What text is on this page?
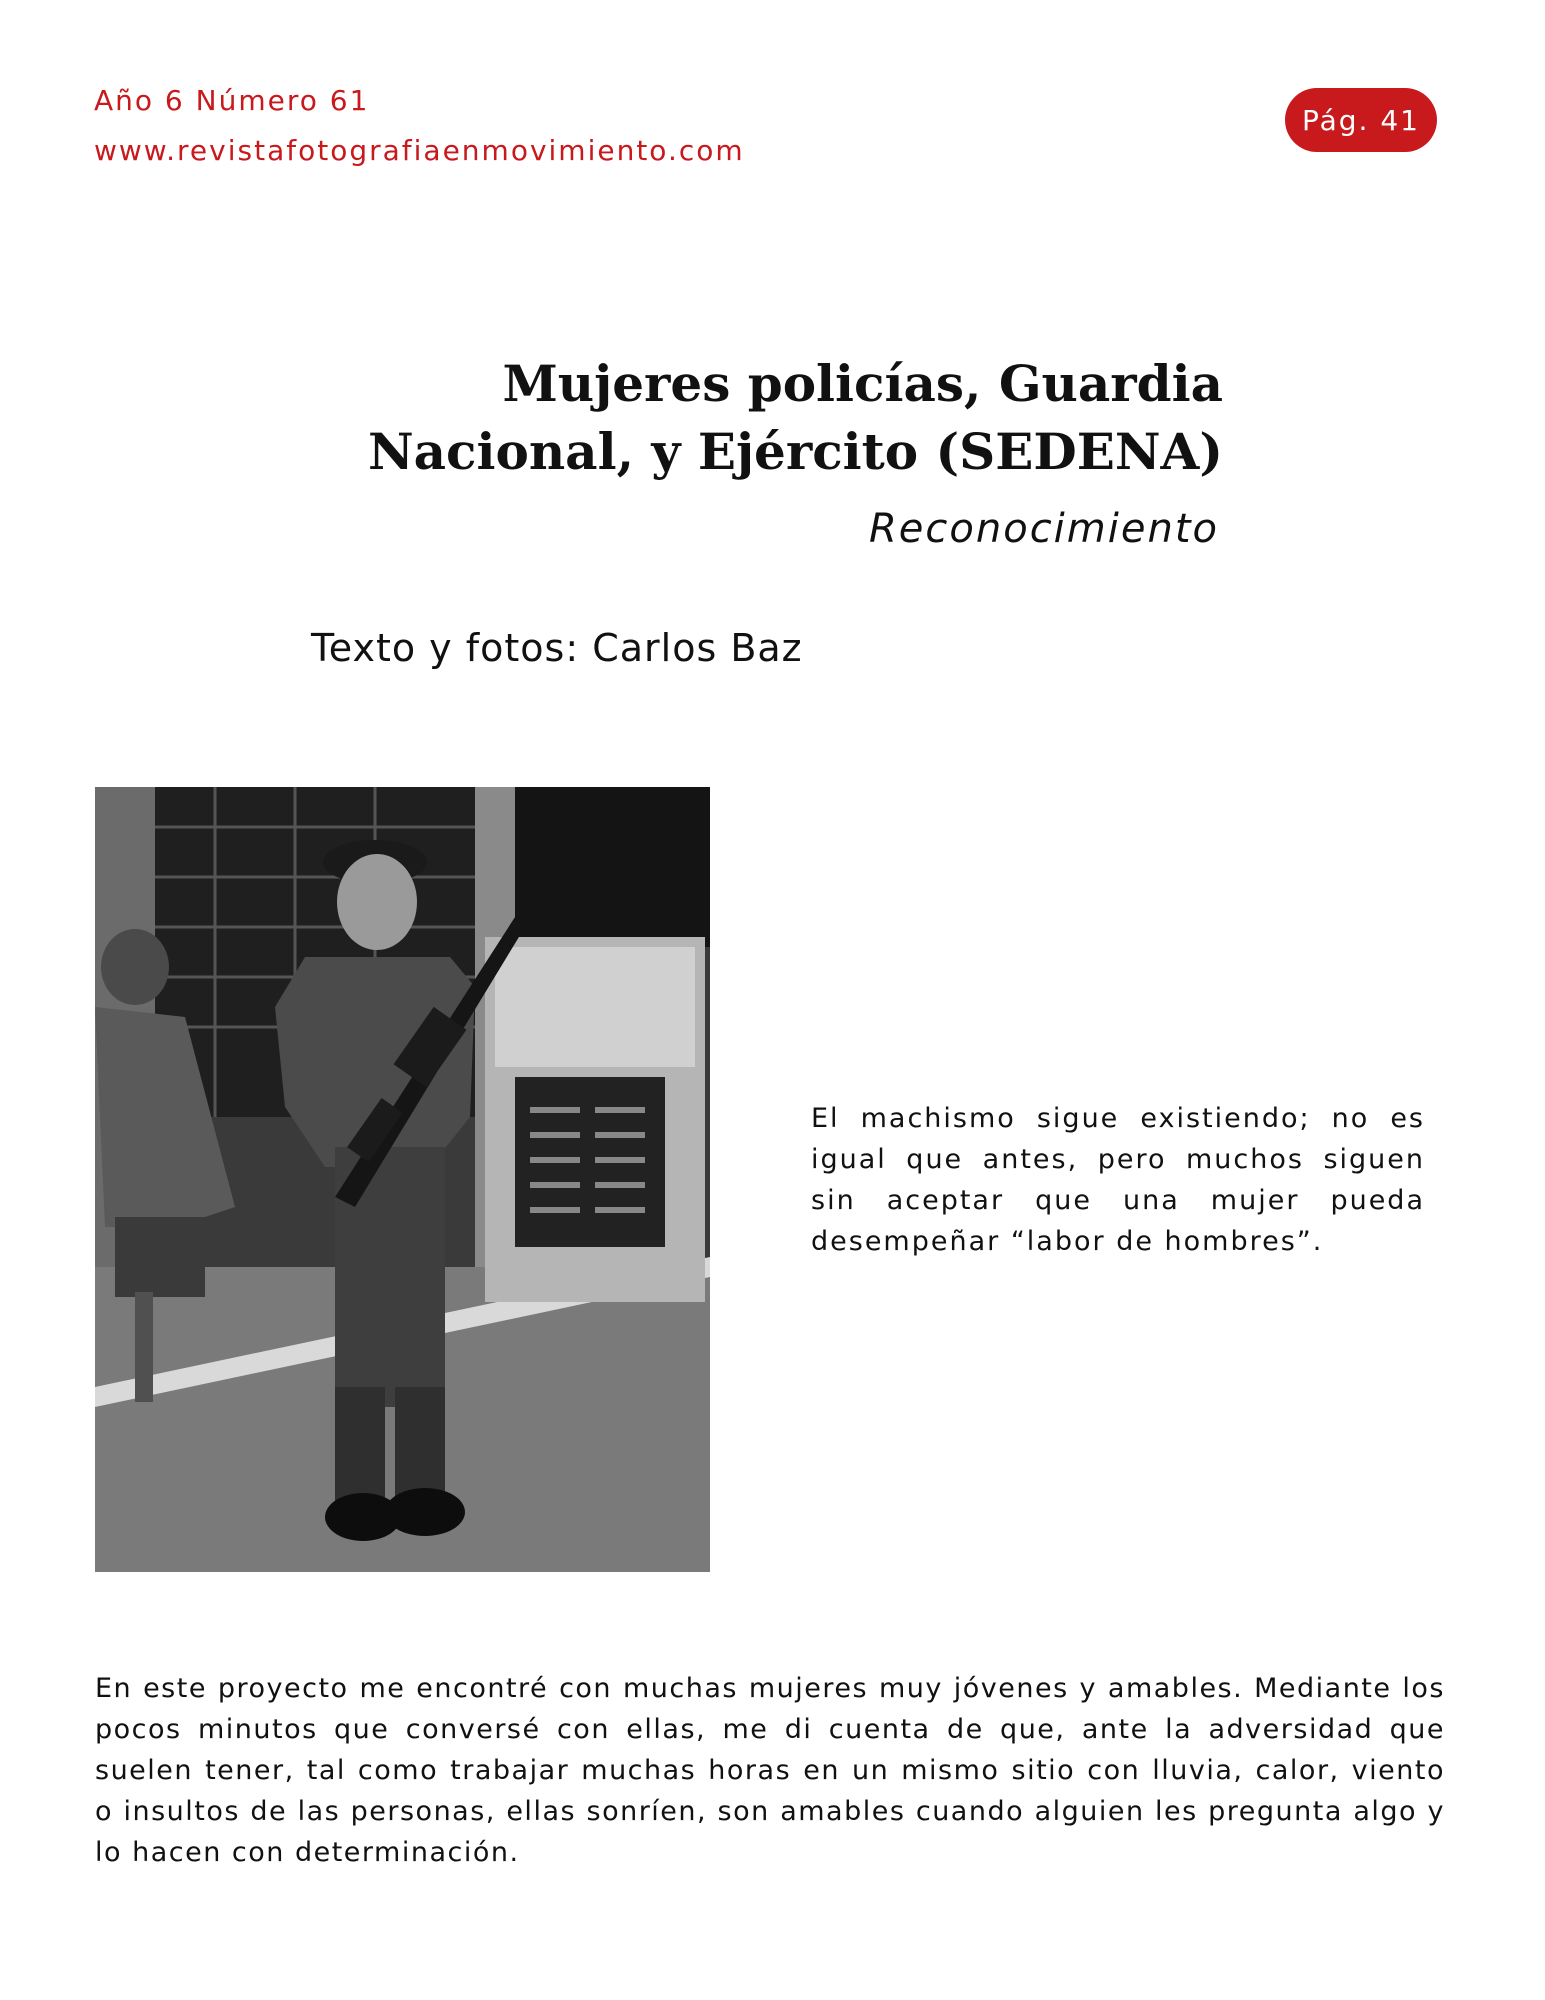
Año 6 Número 61
www.revistafotografiaenmovimiento.com
Pág. 41
Mujeres policías, Guardia
Nacional, y Ejército (SEDENA)
Reconocimiento
Texto y fotos: Carlos Baz

El machismo sigue existiendo; no es igual que antes, pero muchos siguen sin aceptar que una mujer pueda desempeñar “labor de hombres”.

En este proyecto me encontré con muchas mujeres muy jóvenes y amables. Mediante los pocos minutos que conversé con ellas, me di cuenta de que, ante la adversidad que suelen tener, tal como trabajar muchas horas en un mismo sitio con lluvia, calor, viento o insultos de las personas, ellas sonríen, son amables cuando alguien les pregunta algo y lo hacen con determinación.
